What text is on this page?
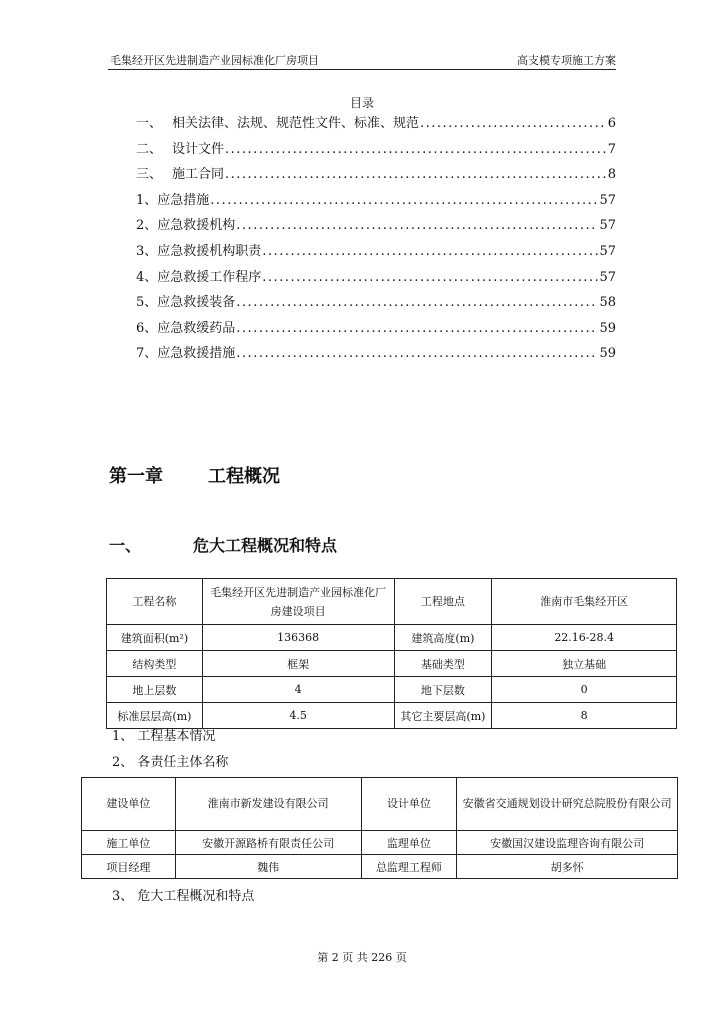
毛集经开区先进制造产业园标准化厂房项目	高支模专项施工方案
目录
一、 相关法律、法规、规范性文件、标准、规范 .....	6
二、 设计文件 .....	7
三、 施工合同 .....	8
1、 应急措施 .....	57
2、 应急救援机构 .....	57
3、 应急救援机构职责 .....	57
4、 应急救援工作程序 .....	57
5、 应急救援装备 .....	58
6、 应急救缓药品 .....	59
7、 应急救援措施 .....	59
第一章	工程概况
一、	危大工程概况和特点
工程名称	毛集经开区先进制造产业园标准化厂房建设项目	工程地点	淮南市毛集经开区
建筑面积(m²)	136368	建筑高度(m)	22.16-28.4
结构类型	框架	基础类型	独立基础
地上层数	4	地下层数	0
标准层层高(m)	4.5	其它主要层高(m)	8
1、 工程基本情况
2、 各责任主体名称
建设单位	淮南市新发建设有限公司	设计单位	安徽省交通规划设计研究总院股份有限公司
施工单位	安徽开源路桥有限责任公司	监理单位	安徽国汉建设监理咨询有限公司
项目经理	魏伟	总监理工程师	胡多怀
3、 危大工程概况和特点
第 2 页 共 226 页
